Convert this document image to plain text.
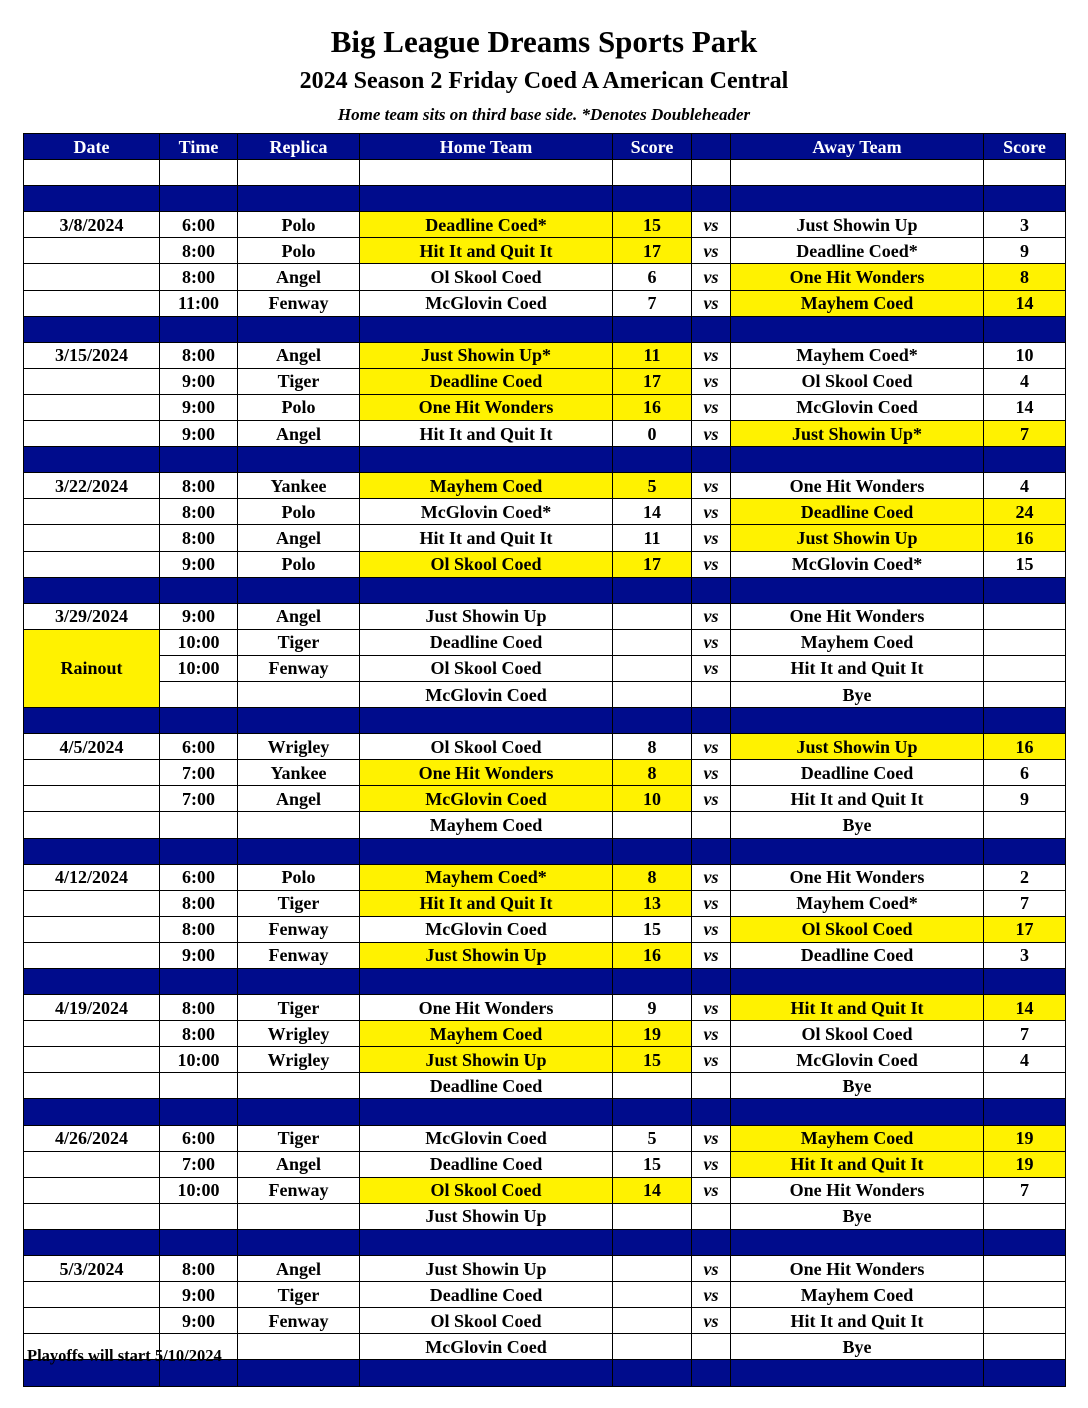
Big League Dreams Sports Park
2024 Season 2 Friday Coed A American Central
Home team sits on third base side. *Denotes Doubleheader
Date	Time	Replica	Home Team	Score		Away Team	Score

3/8/2024	6:00	Polo	Deadline Coed*	15	vs	Just Showin Up	3
	8:00	Polo	Hit It and Quit It	17	vs	Deadline Coed*	9
	8:00	Angel	Ol Skool Coed	6	vs	One Hit Wonders	8
	11:00	Fenway	McGlovin Coed	7	vs	Mayhem Coed	14

3/15/2024	8:00	Angel	Just Showin Up*	11	vs	Mayhem Coed*	10
	9:00	Tiger	Deadline Coed	17	vs	Ol Skool Coed	4
	9:00	Polo	One Hit Wonders	16	vs	McGlovin Coed	14
	9:00	Angel	Hit It and Quit It	0	vs	Just Showin Up*	7

3/22/2024	8:00	Yankee	Mayhem Coed	5	vs	One Hit Wonders	4
	8:00	Polo	McGlovin Coed*	14	vs	Deadline Coed	24
	8:00	Angel	Hit It and Quit It	11	vs	Just Showin Up	16
	9:00	Polo	Ol Skool Coed	17	vs	McGlovin Coed*	15

3/29/2024	9:00	Angel	Just Showin Up		vs	One Hit Wonders	
Rainout	10:00	Tiger	Deadline Coed		vs	Mayhem Coed	
	10:00	Fenway	Ol Skool Coed		vs	Hit It and Quit It	
			McGlovin Coed			Bye	

4/5/2024	6:00	Wrigley	Ol Skool Coed	8	vs	Just Showin Up	16
	7:00	Yankee	One Hit Wonders	8	vs	Deadline Coed	6
	7:00	Angel	McGlovin Coed	10	vs	Hit It and Quit It	9
			Mayhem Coed			Bye	

4/12/2024	6:00	Polo	Mayhem Coed*	8	vs	One Hit Wonders	2
	8:00	Tiger	Hit It and Quit It	13	vs	Mayhem Coed*	7
	8:00	Fenway	McGlovin Coed	15	vs	Ol Skool Coed	17
	9:00	Fenway	Just Showin Up	16	vs	Deadline Coed	3

4/19/2024	8:00	Tiger	One Hit Wonders	9	vs	Hit It and Quit It	14
	8:00	Wrigley	Mayhem Coed	19	vs	Ol Skool Coed	7
	10:00	Wrigley	Just Showin Up	15	vs	McGlovin Coed	4
			Deadline Coed			Bye	

4/26/2024	6:00	Tiger	McGlovin Coed	5	vs	Mayhem Coed	19
	7:00	Angel	Deadline Coed	15	vs	Hit It and Quit It	19
	10:00	Fenway	Ol Skool Coed	14	vs	One Hit Wonders	7
			Just Showin Up			Bye	

5/3/2024	8:00	Angel	Just Showin Up		vs	One Hit Wonders	
	9:00	Tiger	Deadline Coed		vs	Mayhem Coed	
	9:00	Fenway	Ol Skool Coed		vs	Hit It and Quit It	
			McGlovin Coed			Bye	

Playoffs will start 5/10/2024
